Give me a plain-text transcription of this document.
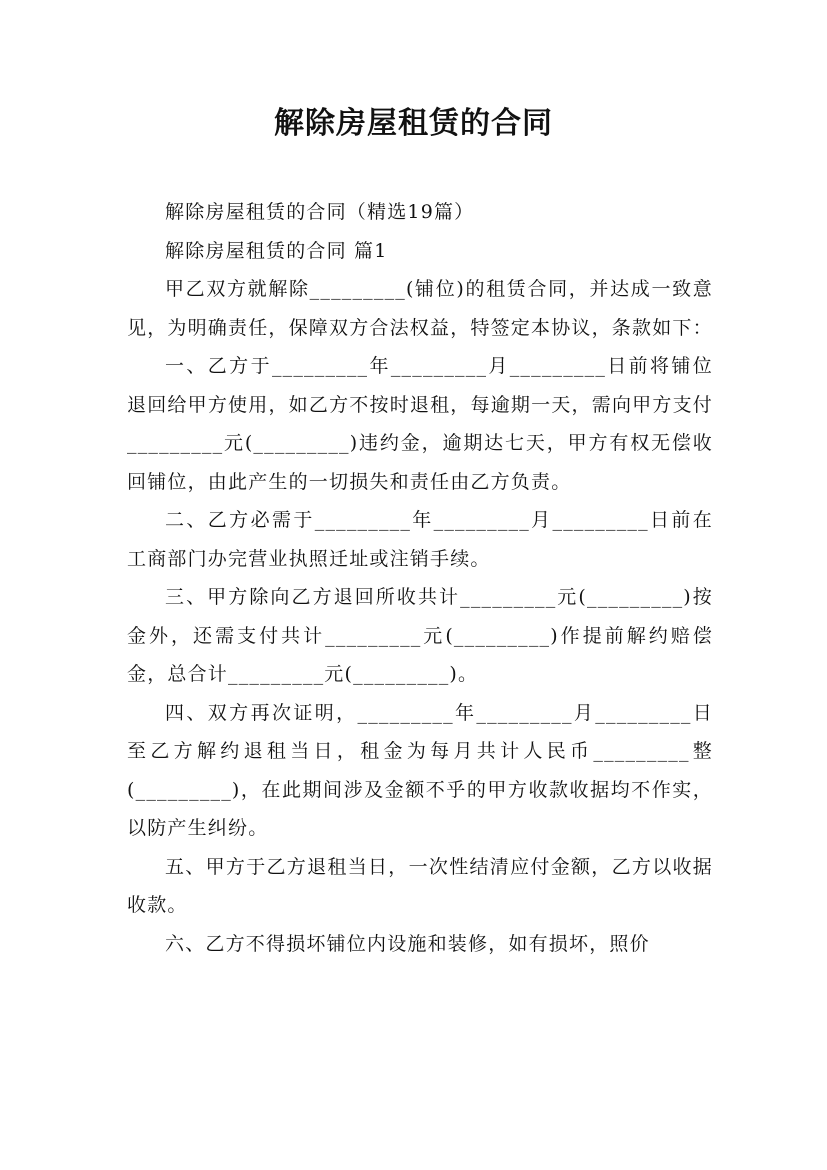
解除房屋租赁的合同

解除房屋租赁的合同（精选19篇）

解除房屋租赁的合同 篇1

甲乙双方就解除_________(铺位)的租赁合同，并达成一致意见，为明确责任，保障双方合法权益，特签定本协议，条款如下：

一、乙方于_________年_________月_________日前将铺位退回给甲方使用，如乙方不按时退租，每逾期一天，需向甲方支付_________元(_________)违约金，逾期达七天，甲方有权无偿收回铺位，由此产生的一切损失和责任由乙方负责。

二、乙方必需于_________年_________月_________日前在工商部门办完营业执照迁址或注销手续。

三、甲方除向乙方退回所收共计_________元(_________)按金外，还需支付共计_________元(_________)作提前解约赔偿金，总合计_________元(_________)。

四、双方再次证明，_________年_________月_________日至乙方解约退租当日，租金为每月共计人民币_________整(_________)，在此期间涉及金额不乎的甲方收款收据均不作实，以防产生纠纷。

五、甲方于乙方退租当日，一次性结清应付金额，乙方以收据收款。

六、乙方不得损坏铺位内设施和装修，如有损坏，照价
